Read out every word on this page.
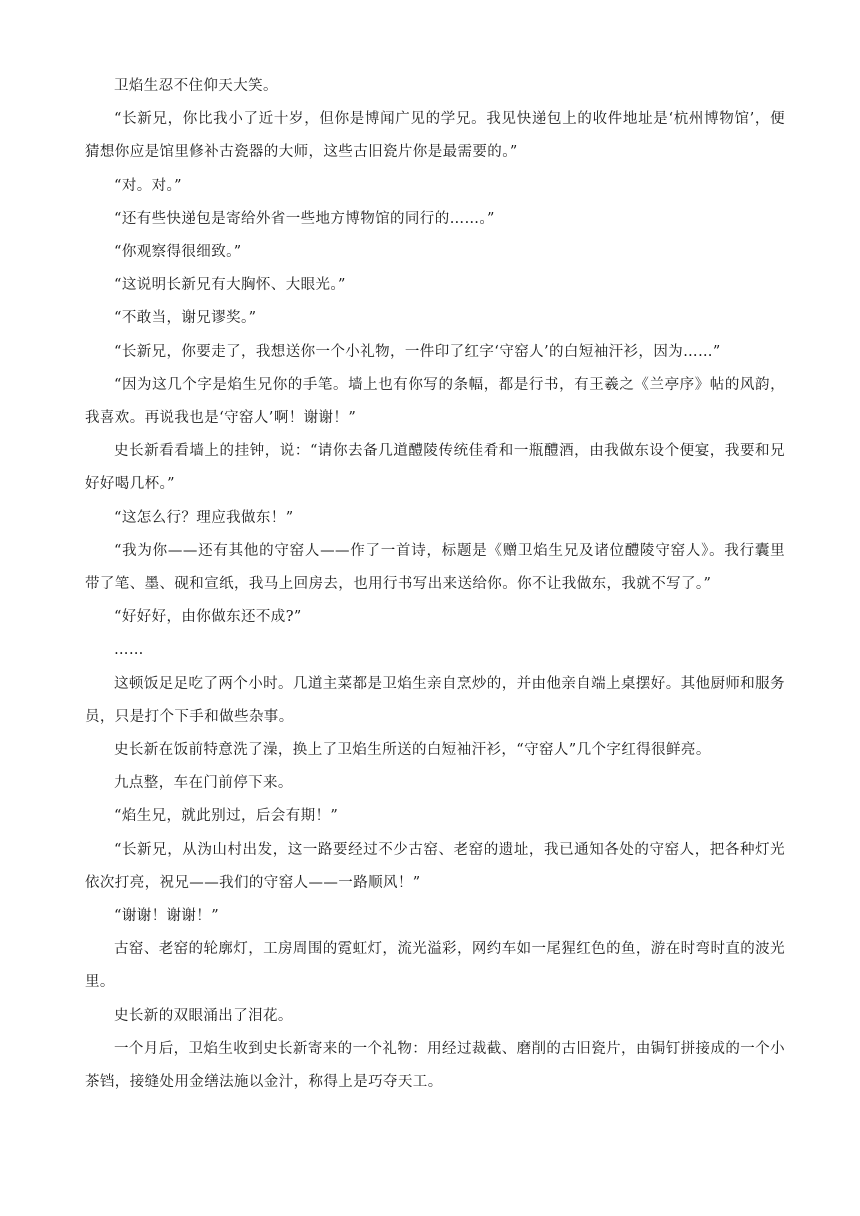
卫焰生忍不住仰天大笑。

“长新兄，你比我小了近十岁，但你是博闻广见的学兄。我见快递包上的收件地址是‘杭州博物馆’，便猜想你应是馆里修补古瓷器的大师，这些古旧瓷片你是最需要的。”

“对。对。”

“还有些快递包是寄给外省一些地方博物馆的同行的……。”

“你观察得很细致。”

“这说明长新兄有大胸怀、大眼光。”

“不敢当，谢兄谬奖。”

“长新兄，你要走了，我想送你一个小礼物，一件印了红字‘守窑人’的白短袖汗衫，因为……”

“因为这几个字是焰生兄你的手笔。墙上也有你写的条幅，都是行书，有王羲之《兰亭序》帖的风韵，我喜欢。再说我也是‘守窑人’啊！谢谢！”

史长新看看墙上的挂钟，说：“请你去备几道醴陵传统佳肴和一瓶醴酒，由我做东设个便宴，我要和兄好好喝几杯。”

“这怎么行？理应我做东！”

“我为你——还有其他的守窑人——作了一首诗，标题是《赠卫焰生兄及诸位醴陵守窑人》。我行囊里带了笔、墨、砚和宣纸，我马上回房去，也用行书写出来送给你。你不让我做东，我就不写了。”

“好好好，由你做东还不成?”

……

这顿饭足足吃了两个小时。几道主菜都是卫焰生亲自烹炒的，并由他亲自端上桌摆好。其他厨师和服务员，只是打个下手和做些杂事。

史长新在饭前特意洗了澡，换上了卫焰生所送的白短袖汗衫，“守窑人”几个字红得很鲜亮。

九点整，车在门前停下来。

“焰生兄，就此别过，后会有期！”

“长新兄，从沩山村出发，这一路要经过不少古窑、老窑的遗址，我已通知各处的守窑人，把各种灯光依次打亮，祝兄——我们的守窑人——一路顺风！”

“谢谢！谢谢！”

古窑、老窑的轮廓灯，工房周围的霓虹灯，流光溢彩，网约车如一尾猩红色的鱼，游在时弯时直的波光里。

史长新的双眼涌出了泪花。

一个月后，卫焰生收到史长新寄来的一个礼物：用经过裁截、磨削的古旧瓷片，由锔钉拼接成的一个小茶铛，接缝处用金缮法施以金汁，称得上是巧夺天工。
